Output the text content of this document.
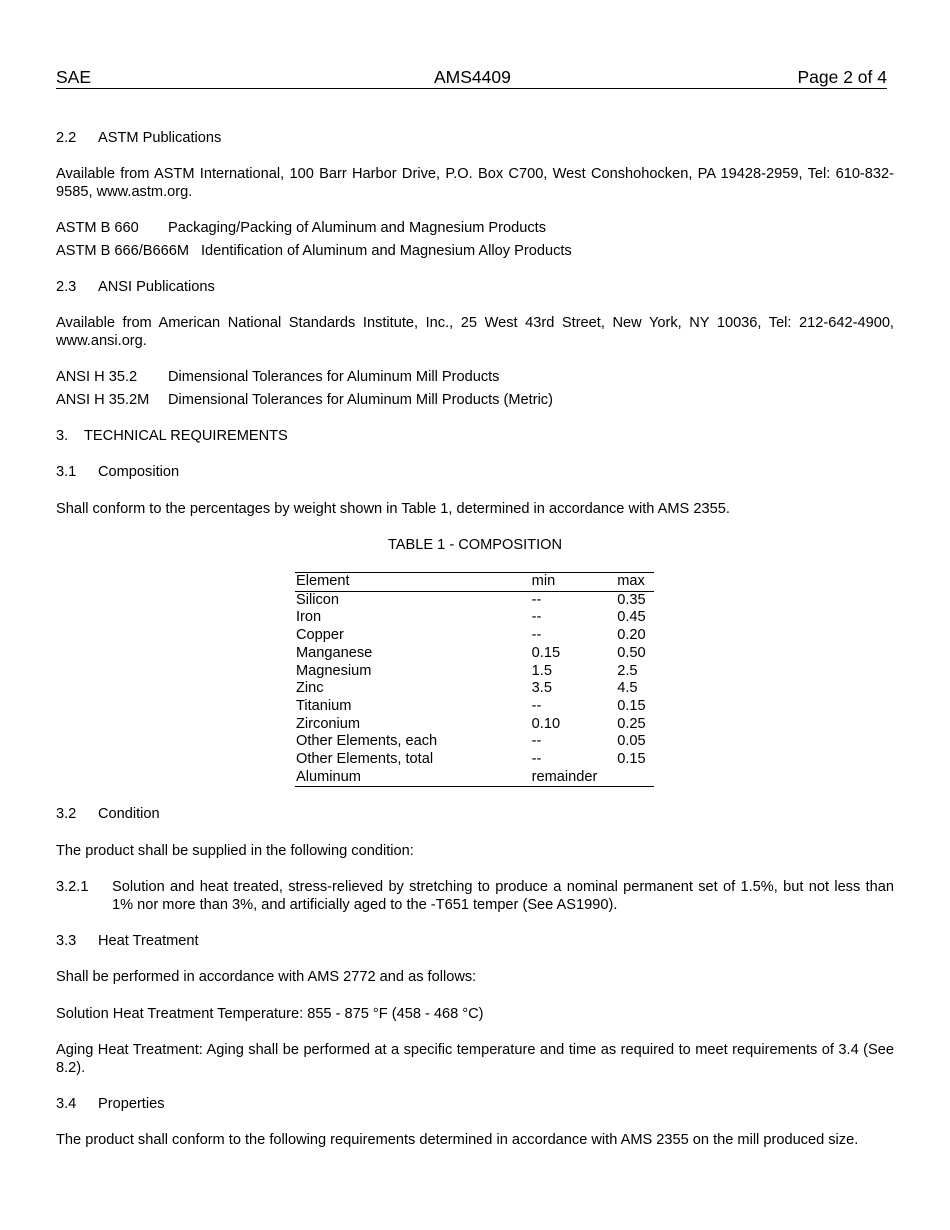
SAE	AMS4409	Page 2 of 4
2.2 ASTM Publications
Available from ASTM International, 100 Barr Harbor Drive, P.O. Box C700, West Conshohocken, PA 19428-2959, Tel: 610-832-9585, www.astm.org.
ASTM B 660 Packaging/Packing of Aluminum and Magnesium Products
ASTM B 666/B666M Identification of Aluminum and Magnesium Alloy Products
2.3 ANSI Publications
Available from American National Standards Institute, Inc., 25 West 43rd Street, New York, NY 10036, Tel: 212-642-4900, www.ansi.org.
ANSI H 35.2 Dimensional Tolerances for Aluminum Mill Products
ANSI H 35.2M Dimensional Tolerances for Aluminum Mill Products (Metric)
3. TECHNICAL REQUIREMENTS
3.1 Composition
Shall conform to the percentages by weight shown in Table 1, determined in accordance with AMS 2355.
TABLE 1 - COMPOSITION
Element	min	max
Silicon	--	0.35
Iron	--	0.45
Copper	--	0.20
Manganese	0.15	0.50
Magnesium	1.5	2.5
Zinc	3.5	4.5
Titanium	--	0.15
Zirconium	0.10	0.25
Other Elements, each	--	0.05
Other Elements, total	--	0.15
Aluminum	remainder	
3.2 Condition
The product shall be supplied in the following condition:
3.2.1 Solution and heat treated, stress-relieved by stretching to produce a nominal permanent set of 1.5%, but not less than 1% nor more than 3%, and artificially aged to the -T651 temper (See AS1990).
3.3 Heat Treatment
Shall be performed in accordance with AMS 2772 and as follows:
Solution Heat Treatment Temperature: 855 - 875 °F (458 - 468 °C)
Aging Heat Treatment: Aging shall be performed at a specific temperature and time as required to meet requirements of 3.4 (See 8.2).
3.4 Properties
The product shall conform to the following requirements determined in accordance with AMS 2355 on the mill produced size.
